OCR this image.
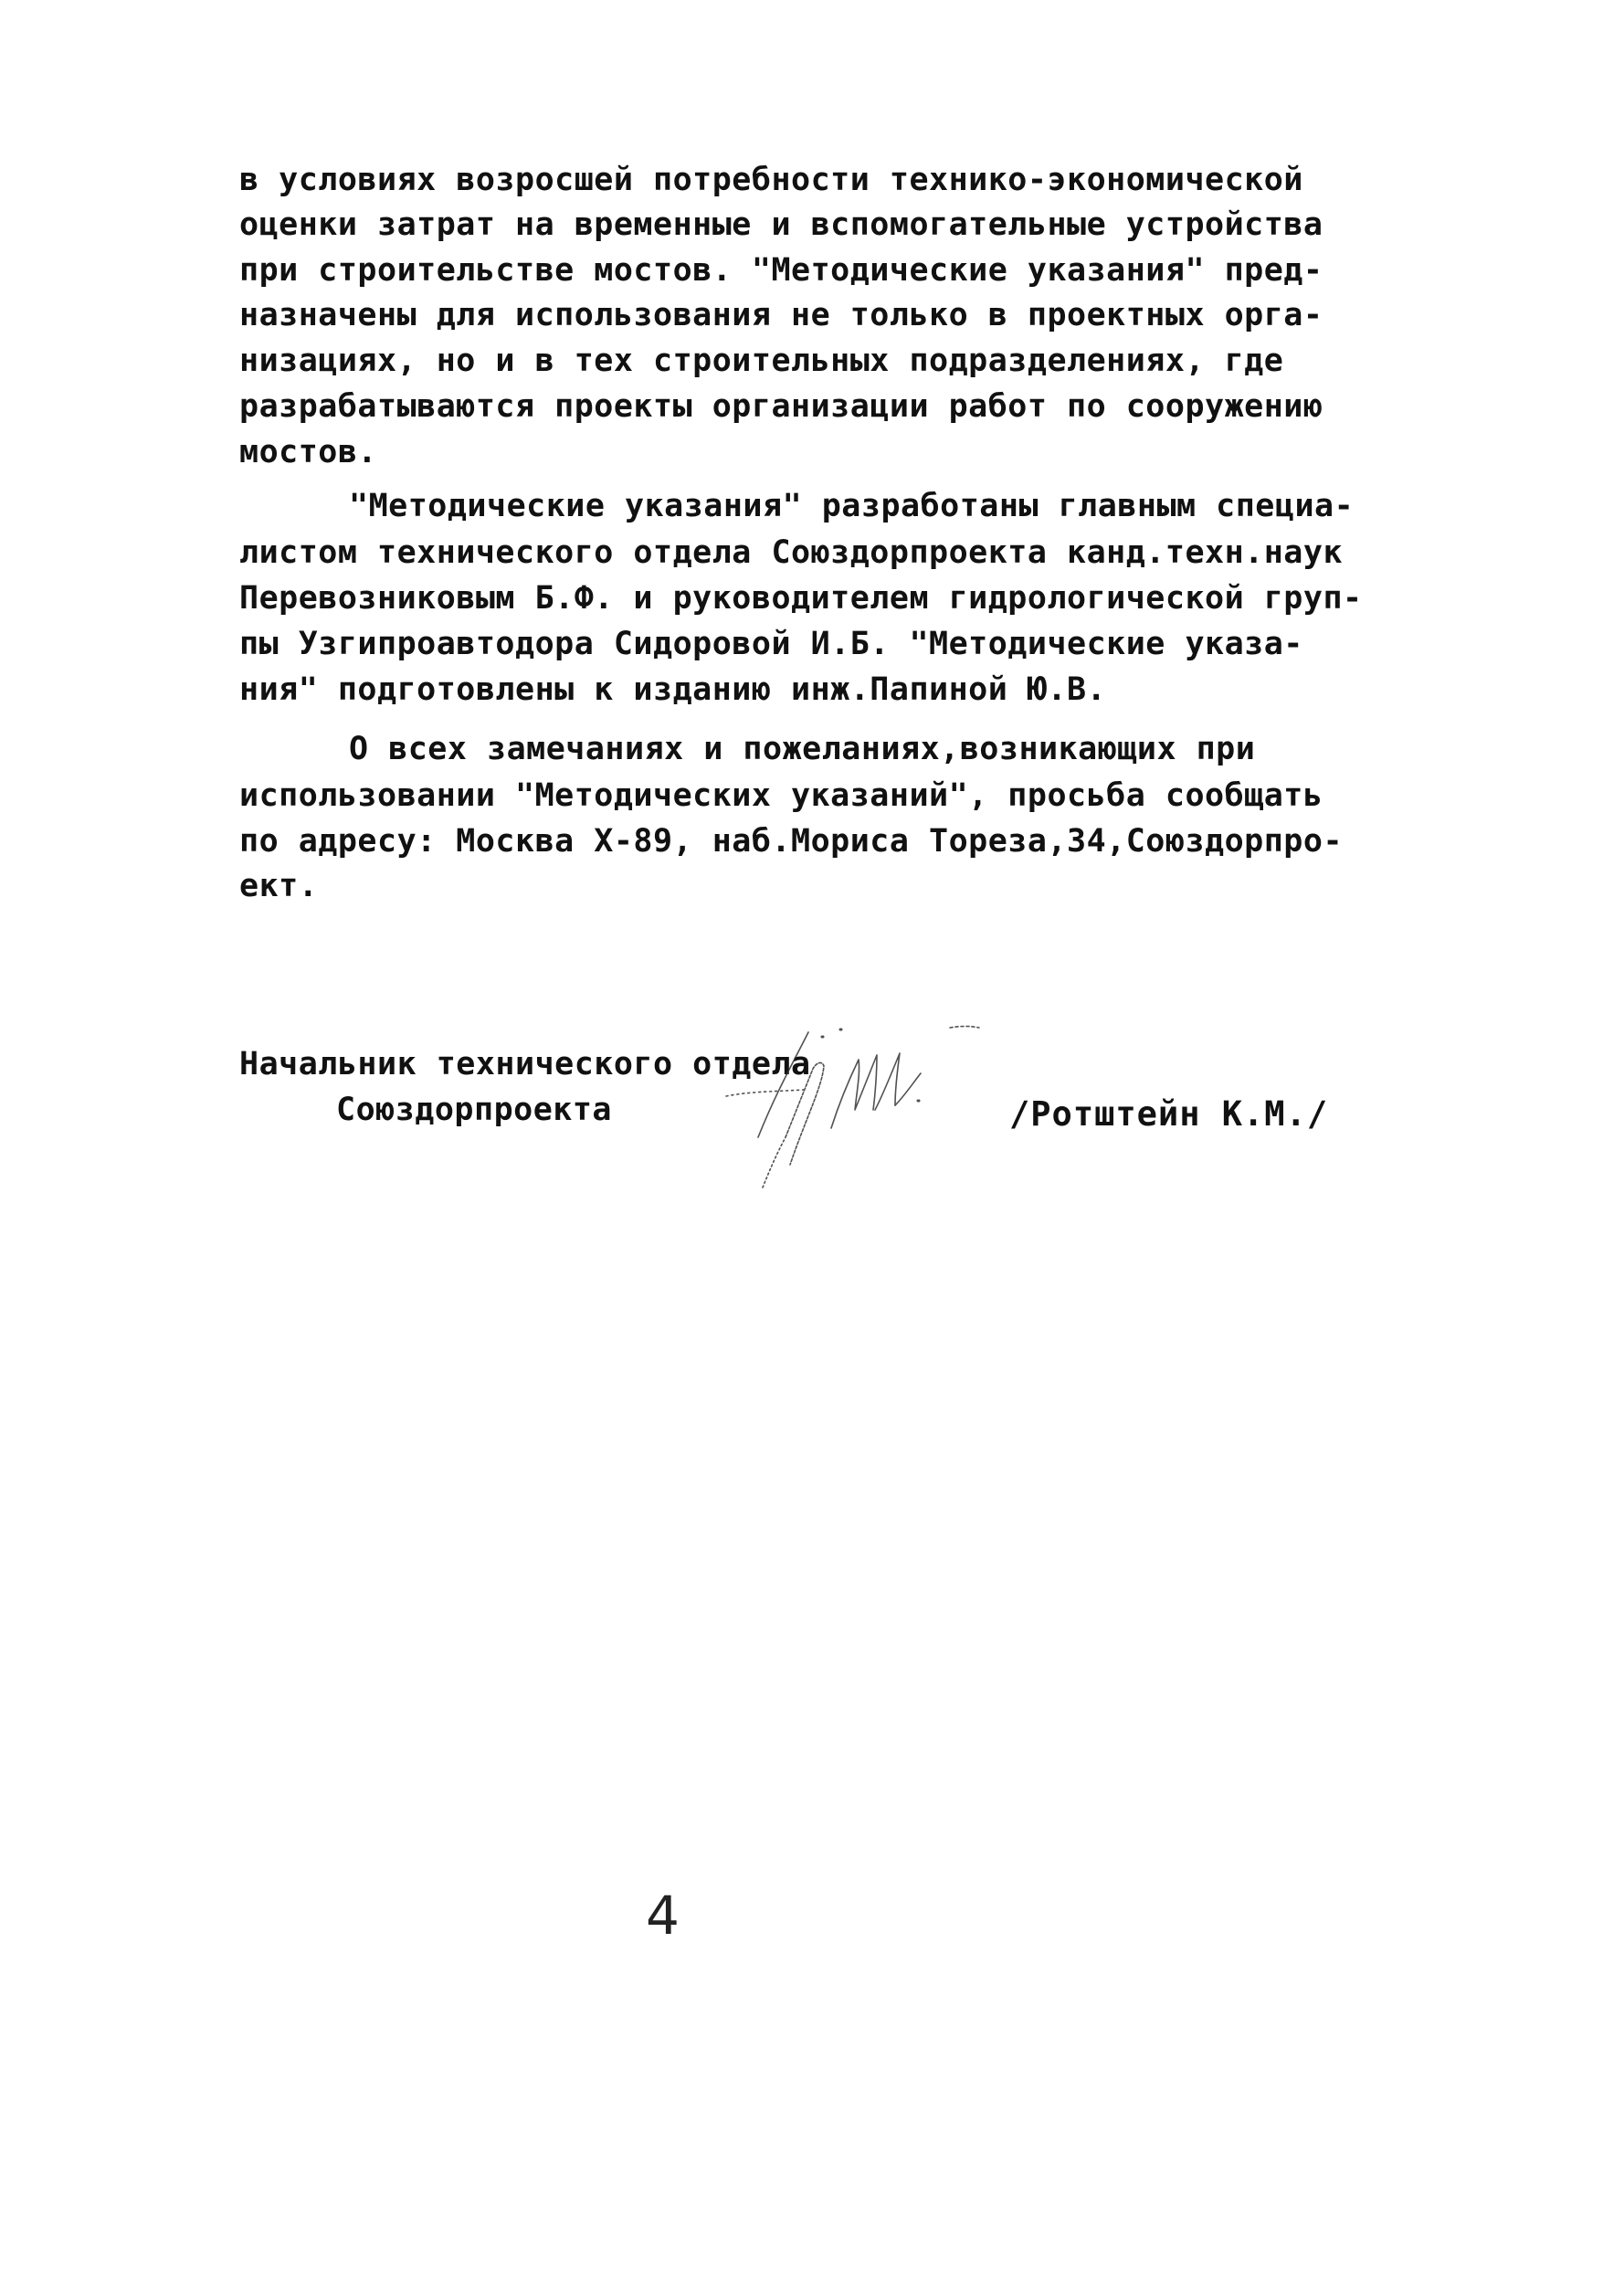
в условиях возросшей потребности технико-экономической
оценки затрат на временные и вспомогательные устройства
при строительстве мостов. "Методические указания" пред-
назначены для использования не только в проектных орга-
низациях, но и в тех строительных подразделениях, где
разрабатываются проекты организации работ по сооружению
мостов.
"Методические указания" разработаны главным специа-
листом технического отдела Союздорпроекта канд.техн.наук
Перевозниковым Б.Ф. и руководителем гидрологической груп-
пы Узгипроавтодора Сидоровой И.Б. "Методические указа-
ния" подготовлены к изданию инж.Папиной Ю.В.
О всех замечаниях и пожеланиях,возникающих при
использовании "Методических указаний", просьба сообщать
по адресу: Москва Х-89, наб.Мориса Тореза,34,Союздорпро-
ект.
Начальник технического отдела
Союздорпроекта	/Ротштейн К.М./
4
